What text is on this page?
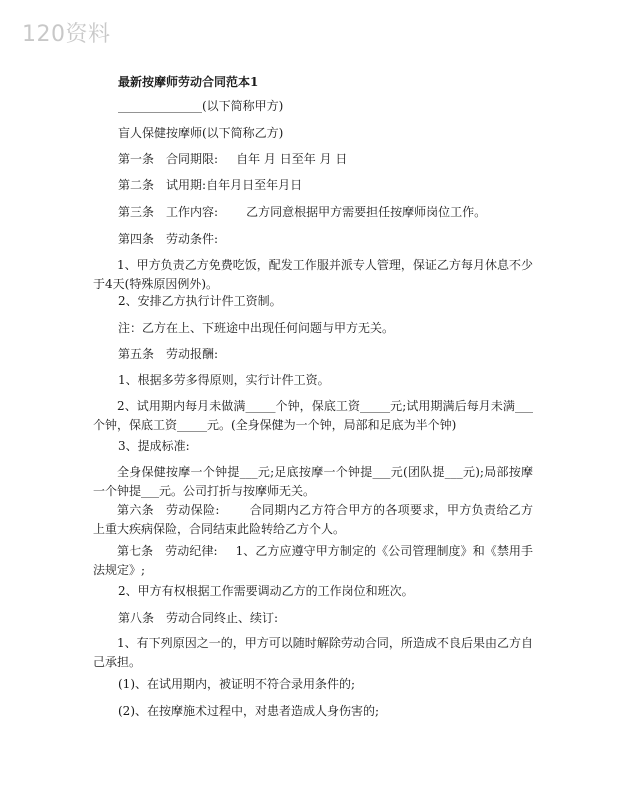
120资料
最新按摩师劳动合同范本1
______________(以下简称甲方)
盲人保健按摩师(以下简称乙方)
第一条 合同期限: 自年 月 日至年 月 日
第二条 试用期:自年月日至年月日
第三条 工作内容: 乙方同意根据甲方需要担任按摩师岗位工作。
第四条 劳动条件:
1、甲方负责乙方免费吃饭，配发工作服并派专人管理，保证乙方每月休息不少于4天(特殊原因例外)。
2、安排乙方执行计件工资制。
注：乙方在上、下班途中出现任何问题与甲方无关。
第五条 劳动报酬:
1、根据多劳多得原则，实行计件工资。
2、试用期内每月未做满_____个钟，保底工资_____元;试用期满后每月未满___个钟，保底工资_____元。(全身保健为一个钟，局部和足底为半个钟)
3、提成标准:
全身保健按摩一个钟提___元;足底按摩一个钟提___元(团队提___元);局部按摩一个钟提___元。公司打折与按摩师无关。
第六条 劳动保险:	合同期内乙方符合甲方的各项要求，甲方负责给乙方上重大疾病保险，合同结束此险转给乙方个人。
第七条 劳动纪律: 1、乙方应遵守甲方制定的《公司管理制度》和《禁用手法规定》;
2、甲方有权根据工作需要调动乙方的工作岗位和班次。
第八条 劳动合同终止、续订:
1、有下列原因之一的，甲方可以随时解除劳动合同，所造成不良后果由乙方自己承担。
(1)、在试用期内，被证明不符合录用条件的;
(2)、在按摩施术过程中，对患者造成人身伤害的;
